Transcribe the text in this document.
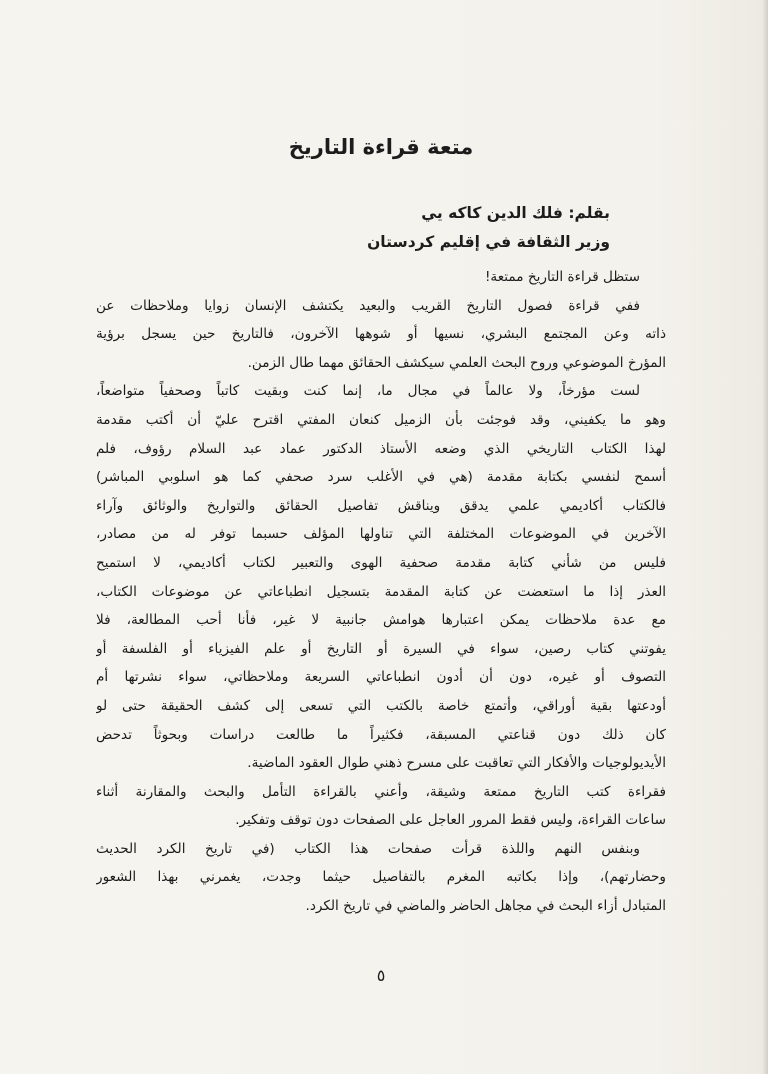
متعة قراءة التاريخ

بقلم: فلك الدين كاكه يي

وزير الثقافة في إقليم كردستان

ستظل قراءة التاريخ ممتعة!
ففي قراءة فصول التاريخ القريب والبعيد يكتشف الإنسان زوايا وملاحظات عن
ذاته وعن المجتمع البشري، نسيها أو شوهها الآخرون، فالتاريخ حين يسجل برؤية
المؤرخ الموضوعي وروح البحث العلمي سيكشف الحقائق مهما طال الزمن.
لست مؤرخاً، ولا عالماً في مجال ما، إنما كنت وبقيت كاتباً وصحفياً متواضعاً،
وهو ما يكفيني، وقد فوجئت بأن الزميل كنعان المفتي اقترح عليّ أن أكتب مقدمة
لهذا الكتاب التاريخي الذي وضعه الأستاذ الدكتور عماد عبد السلام رؤوف، فلم
أسمح لنفسي بكتابة مقدمة (هي في الأغلب سرد صحفي كما هو اسلوبي المباشر)
فالكتاب أكاديمي علمي يدقق ويناقش تفاصيل الحقائق والتواريخ والوثائق وآراء
الآخرين في الموضوعات المختلفة التي تناولها المؤلف حسبما توفر له من مصادر،
فليس من شأني كتابة مقدمة صحفية الهوى والتعبير لكتاب أكاديمي، لا استميح
العذر إذا ما استعضت عن كتابة المقدمة بتسجيل انطباعاتي عن موضوعات الكتاب،
مع عدة ملاحظات يمكن اعتبارها هوامش جانبية لا غير، فأنا أحب المطالعة، فلا
يفوتني كتاب رصين، سواء في السيرة أو التاريخ أو علم الفيزياء أو الفلسفة أو
التصوف أو غيره، دون أن أدون انطباعاتي السريعة وملاحظاتي، سواء نشرتها أم
أودعتها بقية أوراقي، وأتمتع خاصة بالكتب التي تسعى إلى كشف الحقيقة حتى لو
كان ذلك دون قناعتي المسبقة، فكثيراً ما طالعت دراسات وبحوثاً تدحض
الأيديولوجيات والأفكار التي تعاقبت على مسرح ذهني طوال العقود الماضية.
فقراءة كتب التاريخ ممتعة وشيقة، وأعني بالقراءة التأمل والبحث والمقارنة أثناء
ساعات القراءة، وليس فقط المرور العاجل على الصفحات دون توقف وتفكير.
وبنفس النهم واللذة قرأت صفحات هذا الكتاب (في تاريخ الكرد الحديث
وحضارتهم)، وإذا بكاتبه المغرم بالتفاصيل حيثما وجدت، يغمرني بهذا الشعور
المتبادل أزاء البحث في مجاهل الحاضر والماضي في تاريخ الكرد.

٥
